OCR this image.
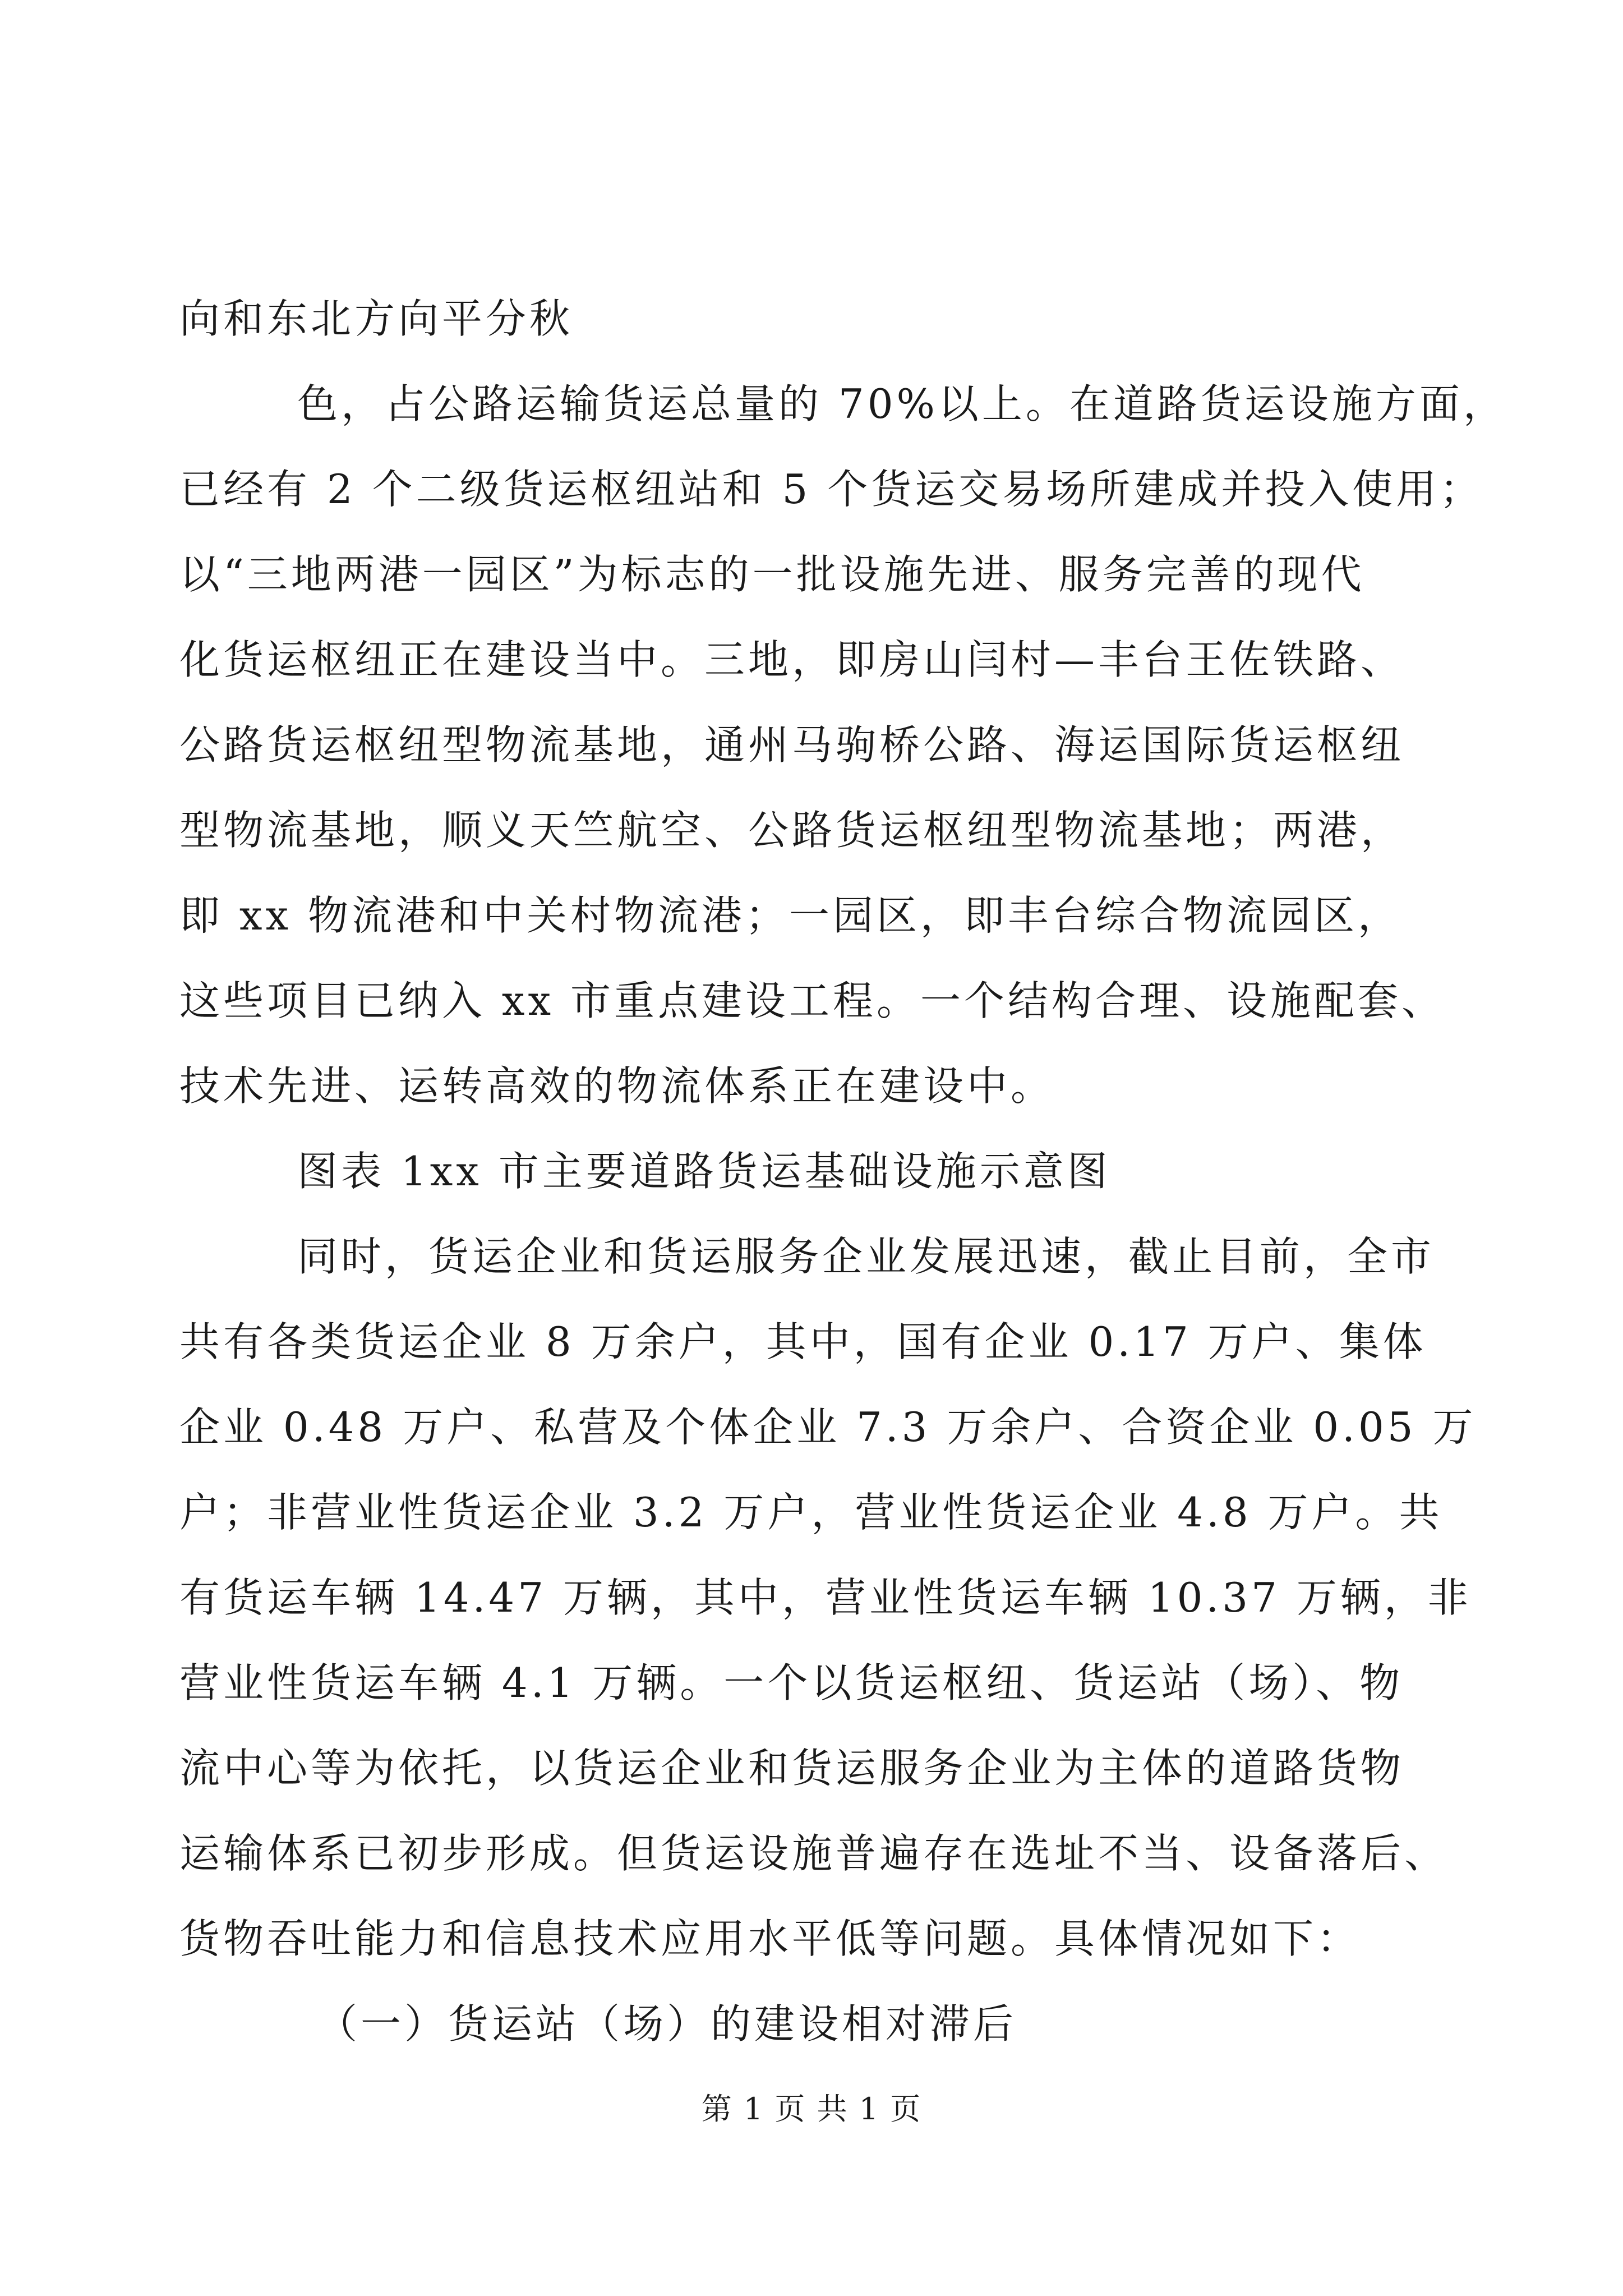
向和东北方向平分秋
色，占公路运输货运总量的 70%以上。在道路货运设施方面，
已经有 2 个二级货运枢纽站和 5 个货运交易场所建成并投入使用；
以“三地两港一园区”为标志的一批设施先进、服务完善的现代
化货运枢纽正在建设当中。三地，即房山闫村—丰台王佐铁路、
公路货运枢纽型物流基地，通州马驹桥公路、海运国际货运枢纽
型物流基地，顺义天竺航空、公路货运枢纽型物流基地；两港，
即 xx 物流港和中关村物流港；一园区，即丰台综合物流园区，
这些项目已纳入 xx 市重点建设工程。一个结构合理、设施配套、
技术先进、运转高效的物流体系正在建设中。
图表 1xx 市主要道路货运基础设施示意图
同时，货运企业和货运服务企业发展迅速，截止目前，全市
共有各类货运企业 8 万余户，其中，国有企业 0.17 万户、集体
企业 0.48 万户、私营及个体企业 7.3 万余户、合资企业 0.05 万
户；非营业性货运企业 3.2 万户，营业性货运企业 4.8 万户。共
有货运车辆 14.47 万辆，其中，营业性货运车辆 10.37 万辆，非
营业性货运车辆 4.1 万辆。一个以货运枢纽、货运站（场）、物
流中心等为依托，以货运企业和货运服务企业为主体的道路货物
运输体系已初步形成。但货运设施普遍存在选址不当、设备落后、
货物吞吐能力和信息技术应用水平低等问题。具体情况如下：
（一）货运站（场）的建设相对滞后
第 1 页 共 1 页
